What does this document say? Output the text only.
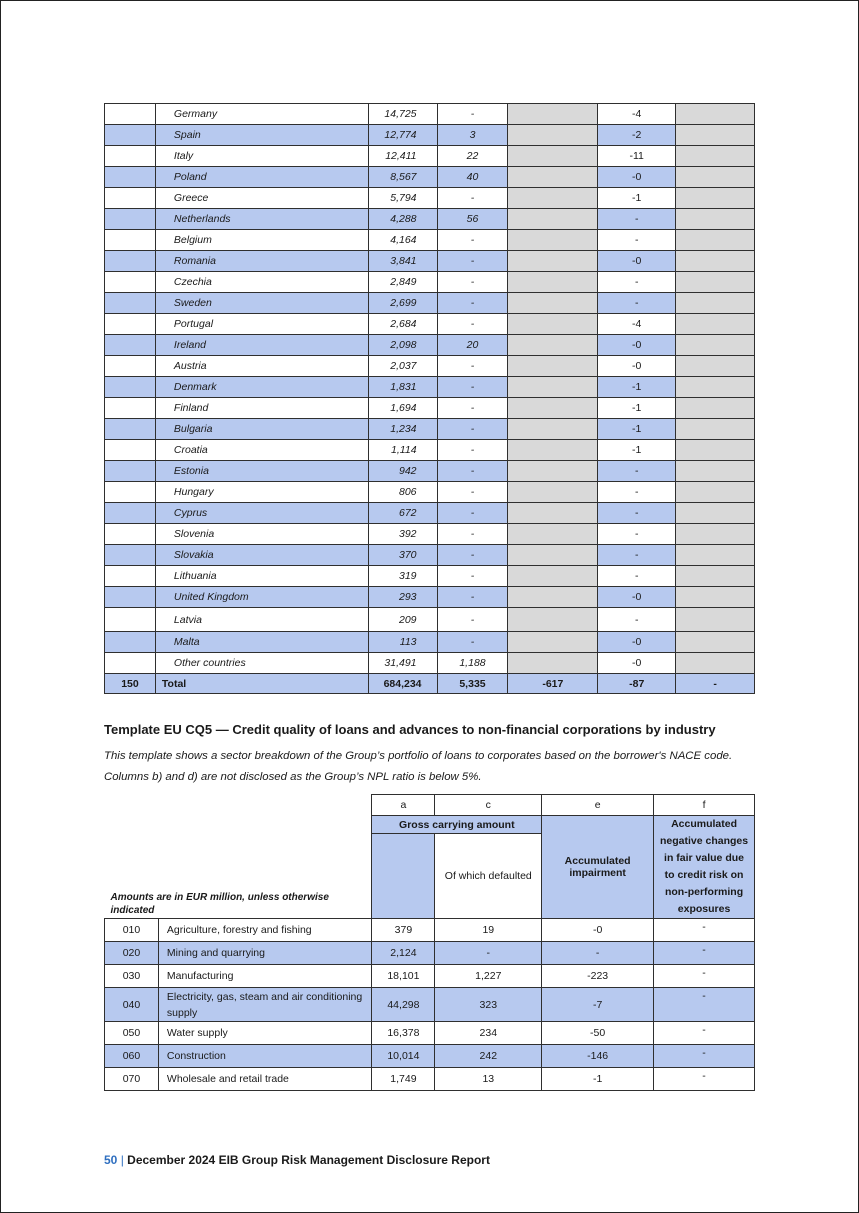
	Germany	14,725	-		-4	
	Spain	12,774	3		-2	
	Italy	12,411	22		-11	
	Poland	8,567	40		-0	
	Greece	5,794	-		-1	
	Netherlands	4,288	56		-	
	Belgium	4,164	-		-	
	Romania	3,841	-		-0	
	Czechia	2,849	-		-	
	Sweden	2,699	-		-	
	Portugal	2,684	-		-4	
	Ireland	2,098	20		-0	
	Austria	2,037	-		-0	
	Denmark	1,831	-		-1	
	Finland	1,694	-		-1	
	Bulgaria	1,234	-		-1	
	Croatia	1,114	-		-1	
	Estonia	942	-		-	
	Hungary	806	-		-	
	Cyprus	672	-		-	
	Slovenia	392	-		-	
	Slovakia	370	-		-	
	Lithuania	319	-		-	
	United Kingdom	293	-		-0	
	Latvia	209	-		-	
	Malta	113	-		-0	
	Other countries	31,491	1,188		-0	
150	Total	684,234	5,335	-617	-87	-
Template EU CQ5 — Credit quality of loans and advances to non-financial corporations by industry
This template shows a sector breakdown of the Group’s portfolio of loans to corporates based on the borrower's NACE code. Columns b) and d) are not disclosed as the Group’s NPL ratio is below 5%.
		a	c	e	f
Amounts are in EUR million, unless otherwise indicated		Gross carrying amount		Accumulated impairment	Accumulated negative changes in fair value due to credit risk on non-performing exposures
			Of which defaulted		
010	Agriculture, forestry and fishing	379	19	-0	-
020	Mining and quarrying	2,124	-	-	-
030	Manufacturing	18,101	1,227	-223	-
040	Electricity, gas, steam and air conditioning supply	44,298	323	-7	-
050	Water supply	16,378	234	-50	-
060	Construction	10,014	242	-146	-
070	Wholesale and retail trade	1,749	13	-1	-
50 | December 2024 EIB Group Risk Management Disclosure Report
